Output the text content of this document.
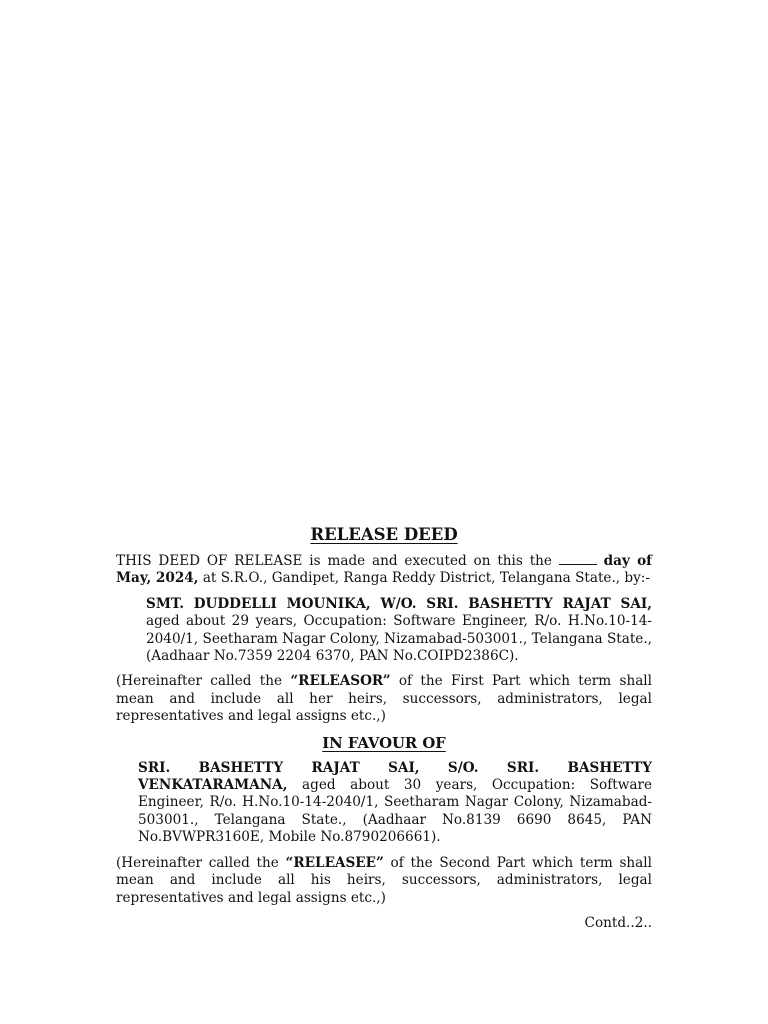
RELEASE DEED

THIS DEED OF RELEASE is made and executed on this the	day of May, 2024, at S.R.O., Gandipet, Ranga Reddy District, Telangana State., by:-

SMT. DUDDELLI MOUNIKA, W/O. SRI. BASHETTY RAJAT SAI, aged about 29 years, Occupation: Software Engineer, R/o. H.No.10-14-2040/1, Seetharam Nagar Colony, Nizamabad-503001., Telangana State., (Aadhaar No.7359 2204 6370, PAN No.COIPD2386C).

(Hereinafter called the “RELEASOR” of the First Part which term shall mean and include all her heirs, successors, administrators, legal representatives and legal assigns etc.,)

IN FAVOUR OF

SRI. BASHETTY RAJAT SAI, S/O. SRI. BASHETTY VENKATARAMANA, aged about 30 years, Occupation: Software Engineer, R/o. H.No.10-14-2040/1, Seetharam Nagar Colony, Nizamabad-503001., Telangana State., (Aadhaar No.8139 6690 8645, PAN No.BVWPR3160E, Mobile No.8790206661).

(Hereinafter called the “RELEASEE” of the Second Part which term shall mean and include all his heirs, successors, administrators, legal representatives and legal assigns etc.,)

Contd..2..
